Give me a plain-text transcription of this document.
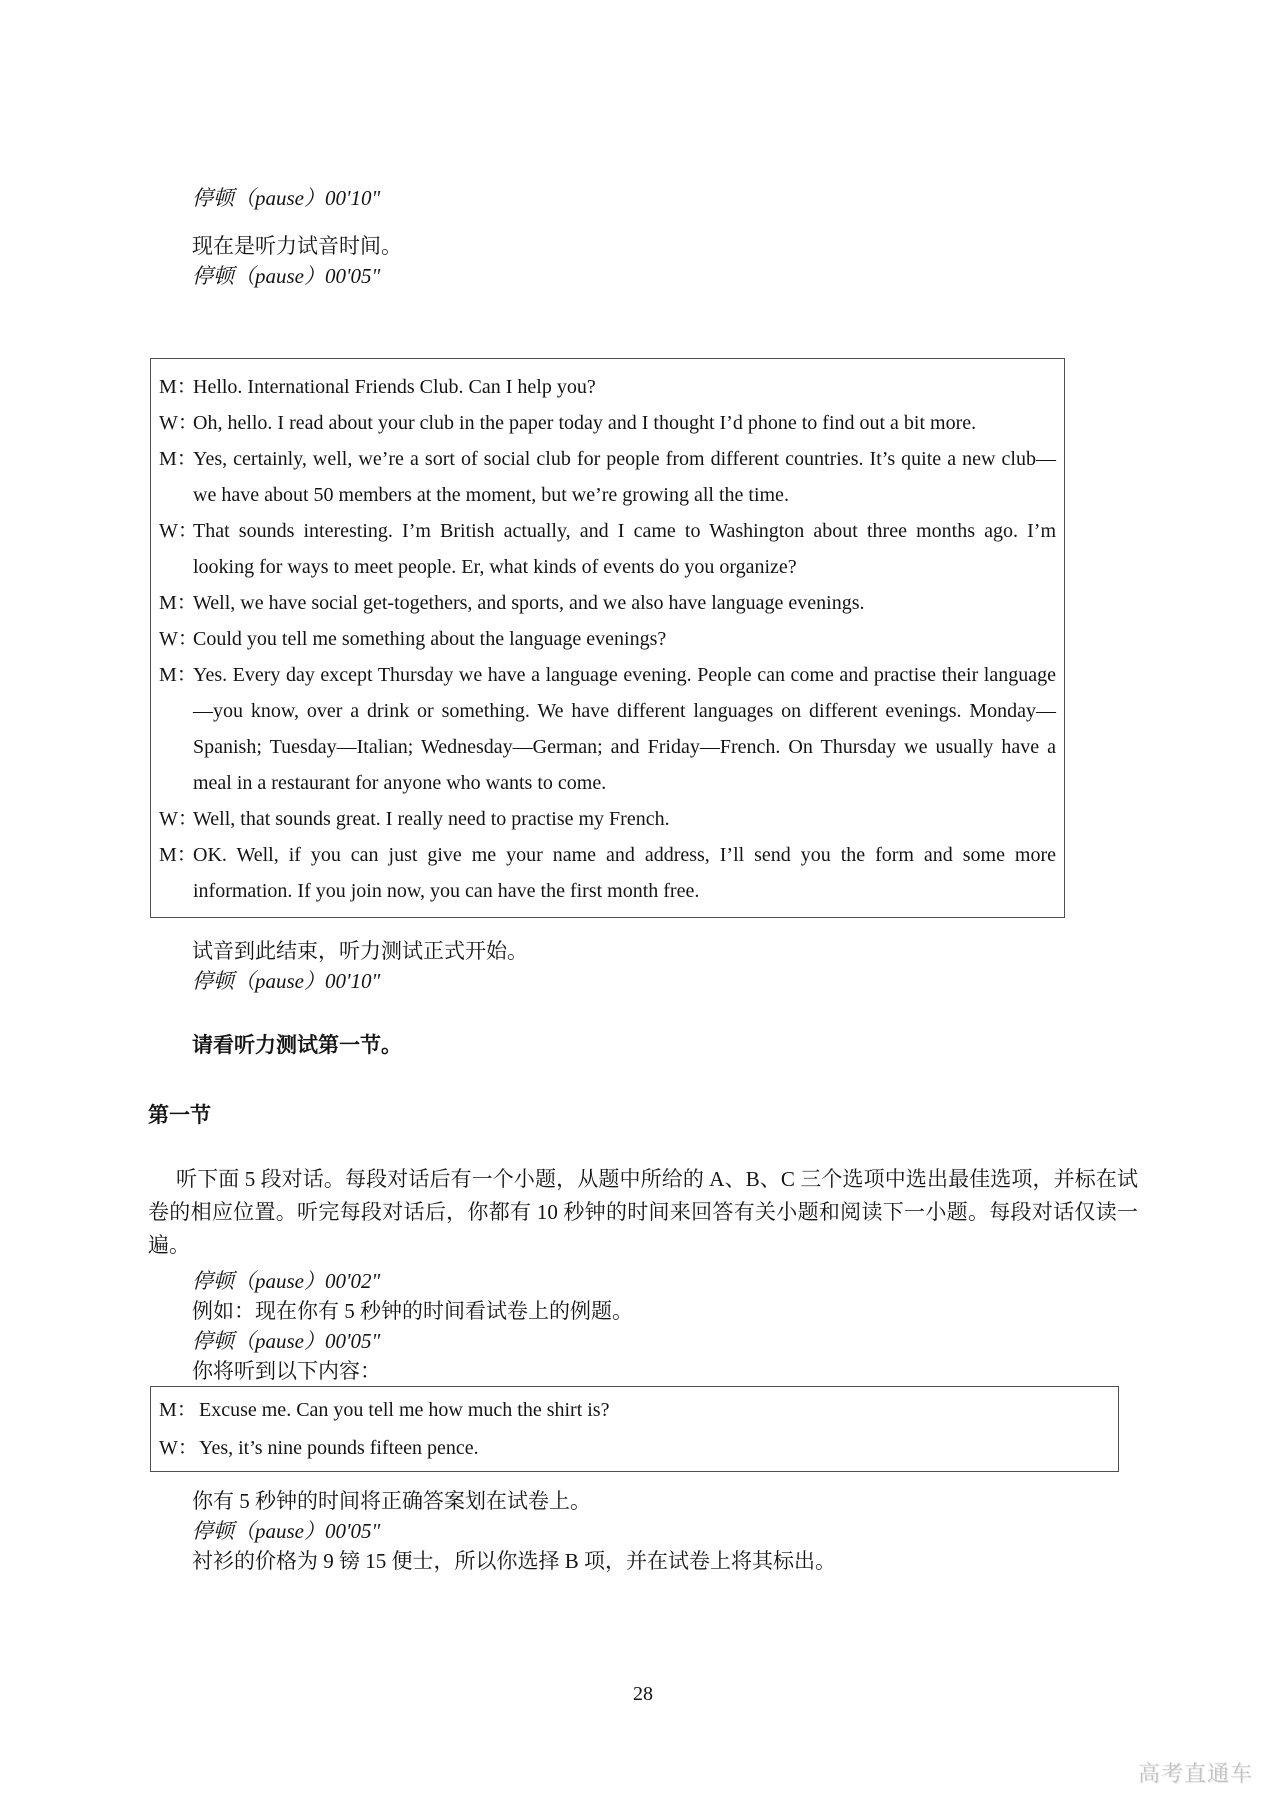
停顿（pause）00'10"
现在是听力试音时间。
停顿（pause）00'05"
M：Hello. International Friends Club. Can I help you?
W：Oh, hello. I read about your club in the paper today and I thought I’d phone to find out a bit more.
M：Yes, certainly, well, we’re a sort of social club for people from different countries. It’s quite a new club—we have about 50 members at the moment, but we’re growing all the time.
W：That sounds interesting. I’m British actually, and I came to Washington about three months ago. I’m looking for ways to meet people. Er, what kinds of events do you organize?
M：Well, we have social get-togethers, and sports, and we also have language evenings.
W：Could you tell me something about the language evenings?
M：Yes. Every day except Thursday we have a language evening. People can come and practise their language—you know, over a drink or something. We have different languages on different evenings. Monday—Spanish; Tuesday—Italian; Wednesday—German; and Friday—French. On Thursday we usually have a meal in a restaurant for anyone who wants to come.
W：Well, that sounds great. I really need to practise my French.
M：OK. Well, if you can just give me your name and address, I’ll send you the form and some more information. If you join now, you can have the first month free.
试音到此结束，听力测试正式开始。
停顿（pause）00'10"
请看听力测试第一节。
第一节
听下面 5 段对话。每段对话后有一个小题，从题中所给的 A、B、C 三个选项中选出最佳选项，并标在试卷的相应位置。听完每段对话后，你都有 10 秒钟的时间来回答有关小题和阅读下一小题。每段对话仅读一遍。
停顿（pause）00'02"
例如：现在你有 5 秒钟的时间看试卷上的例题。
停顿（pause）00'05"
你将听到以下内容：
M： Excuse me. Can you tell me how much the shirt is?
W：Yes, it’s nine pounds fifteen pence.
你有 5 秒钟的时间将正确答案划在试卷上。
停顿（pause）00'05"
衬衫的价格为 9 镑 15 便士，所以你选择 B 项，并在试卷上将其标出。
28
高考直通车
